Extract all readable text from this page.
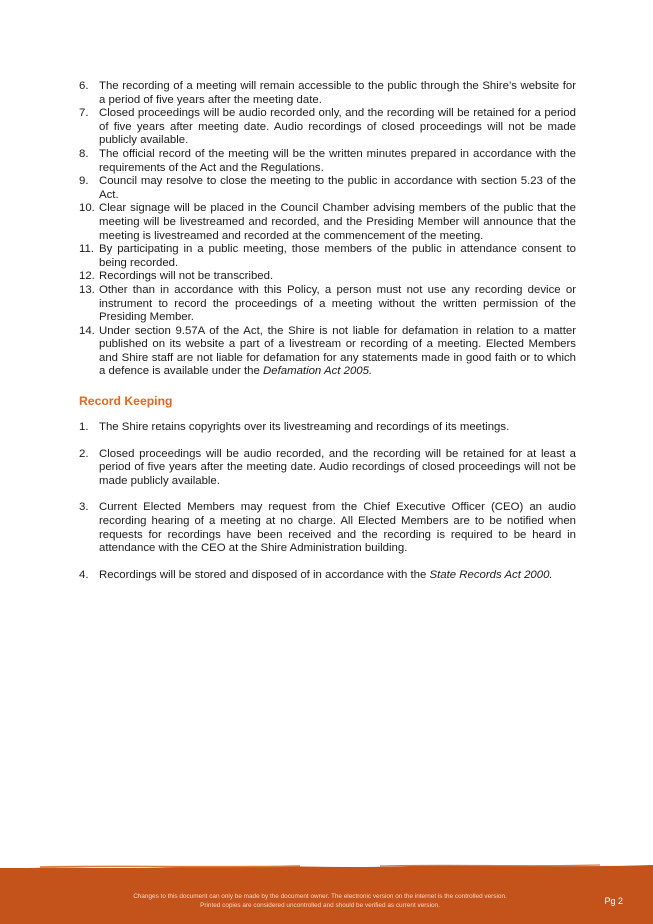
6. The recording of a meeting will remain accessible to the public through the Shire’s website for a period of five years after the meeting date.
7. Closed proceedings will be audio recorded only, and the recording will be retained for a period of five years after meeting date. Audio recordings of closed proceedings will not be made publicly available.
8. The official record of the meeting will be the written minutes prepared in accordance with the requirements of the Act and the Regulations.
9. Council may resolve to close the meeting to the public in accordance with section 5.23 of the Act.
10. Clear signage will be placed in the Council Chamber advising members of the public that the meeting will be livestreamed and recorded, and the Presiding Member will announce that the meeting is livestreamed and recorded at the commencement of the meeting.
11. By participating in a public meeting, those members of the public in attendance consent to being recorded.
12. Recordings will not be transcribed.
13. Other than in accordance with this Policy, a person must not use any recording device or instrument to record the proceedings of a meeting without the written permission of the Presiding Member.
14. Under section 9.57A of the Act, the Shire is not liable for defamation in relation to a matter published on its website a part of a livestream or recording of a meeting. Elected Members and Shire staff are not liable for defamation for any statements made in good faith or to which a defence is available under the Defamation Act 2005.
Record Keeping
1. The Shire retains copyrights over its livestreaming and recordings of its meetings.
2. Closed proceedings will be audio recorded, and the recording will be retained for at least a period of five years after the meeting date. Audio recordings of closed proceedings will not be made publicly available.
3. Current Elected Members may request from the Chief Executive Officer (CEO) an audio recording hearing of a meeting at no charge. All Elected Members are to be notified when requests for recordings have been received and the recording is required to be heard in attendance with the CEO at the Shire Administration building.
4. Recordings will be stored and disposed of in accordance with the State Records Act 2000.
Changes to this document can only be made by the document owner. The electronic version on the internet is the controlled version.
Printed copies are considered uncontrolled and should be verified as current version.	Pg 2
